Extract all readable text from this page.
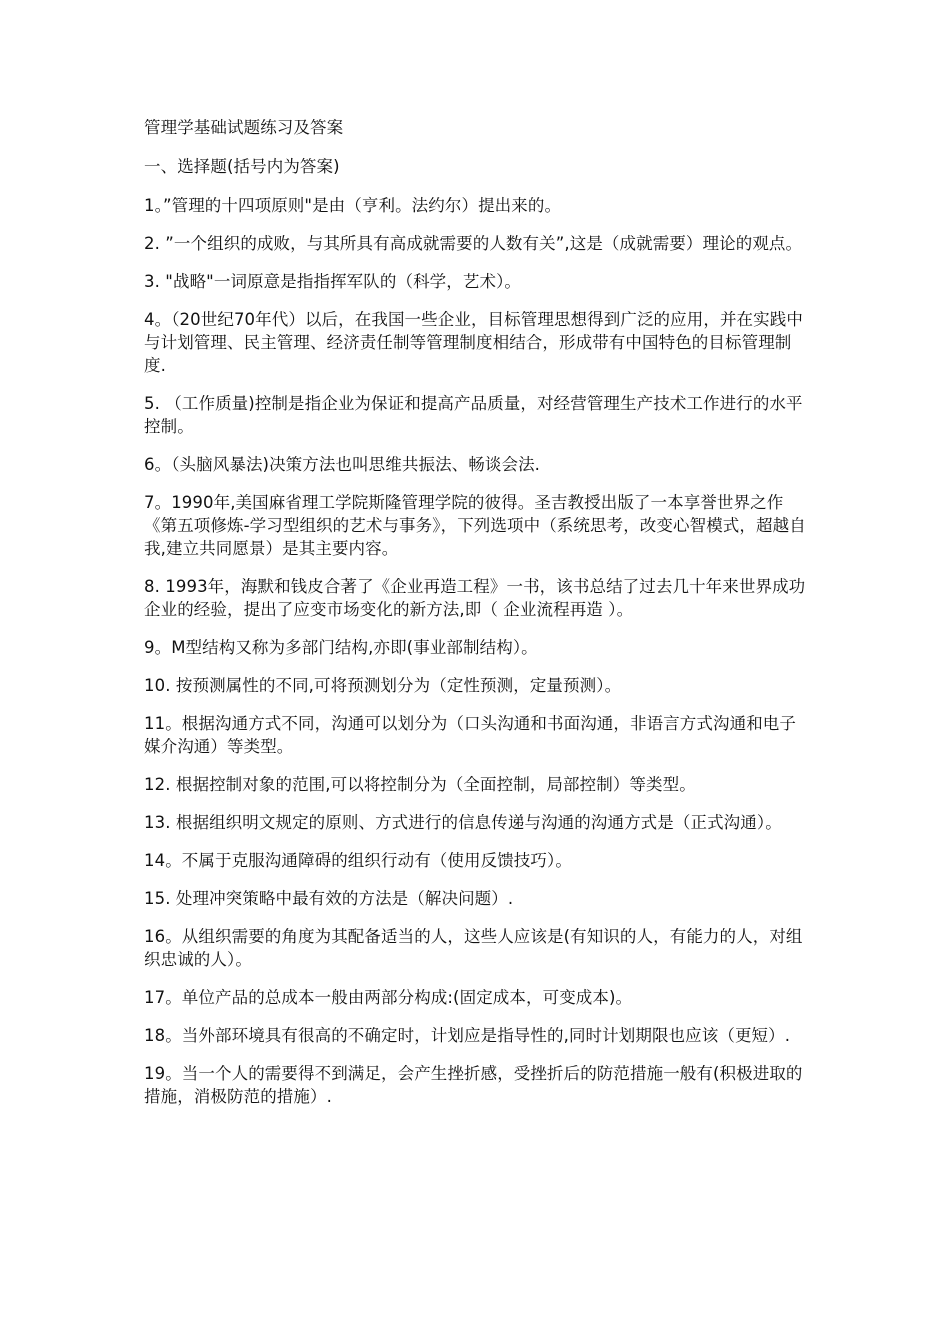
管理学基础试题练习及答案
一、选择题(括号内为答案)
1。”管理的十四项原则"是由（亨利。法约尔）提出来的。
2. ”一个组织的成败，与其所具有高成就需要的人数有关”,这是（成就需要）理论的观点。
3. "战略"一词原意是指指挥军队的（科学，艺术）。
4。（20世纪70年代）以后，在我国一些企业，目标管理思想得到广泛的应用，并在实践中与计划管理、民主管理、经济责任制等管理制度相结合，形成带有中国特色的目标管理制度.
5. （工作质量)控制是指企业为保证和提高产品质量，对经营管理生产技术工作进行的水平控制。
6。（头脑风暴法)决策方法也叫思维共振法、畅谈会法.
7。1990年,美国麻省理工学院斯隆管理学院的彼得。圣吉教授出版了一本享誉世界之作《第五项修炼-学习型组织的艺术与事务》，下列选项中（系统思考，改变心智模式，超越自我,建立共同愿景）是其主要内容。
8. 1993年，海默和钱皮合著了《企业再造工程》一书，该书总结了过去几十年来世界成功企业的经验，提出了应变市场变化的新方法,即（ 企业流程再造 ）。
9。M型结构又称为多部门结构,亦即(事业部制结构）。
10. 按预测属性的不同,可将预测划分为（定性预测，定量预测）。
11。根据沟通方式不同，沟通可以划分为（口头沟通和书面沟通，非语言方式沟通和电子媒介沟通）等类型。
12. 根据控制对象的范围,可以将控制分为（全面控制，局部控制）等类型。
13. 根据组织明文规定的原则、方式进行的信息传递与沟通的沟通方式是（正式沟通）。
14。不属于克服沟通障碍的组织行动有（使用反馈技巧）。
15. 处理冲突策略中最有效的方法是（解决问题）.
16。从组织需要的角度为其配备适当的人，这些人应该是(有知识的人，有能力的人，对组织忠诚的人）。
17。单位产品的总成本一般由两部分构成:(固定成本，可变成本)。
18。当外部环境具有很高的不确定时，计划应是指导性的,同时计划期限也应该（更短）.
19。当一个人的需要得不到满足，会产生挫折感，受挫折后的防范措施一般有(积极进取的措施，消极防范的措施）.
